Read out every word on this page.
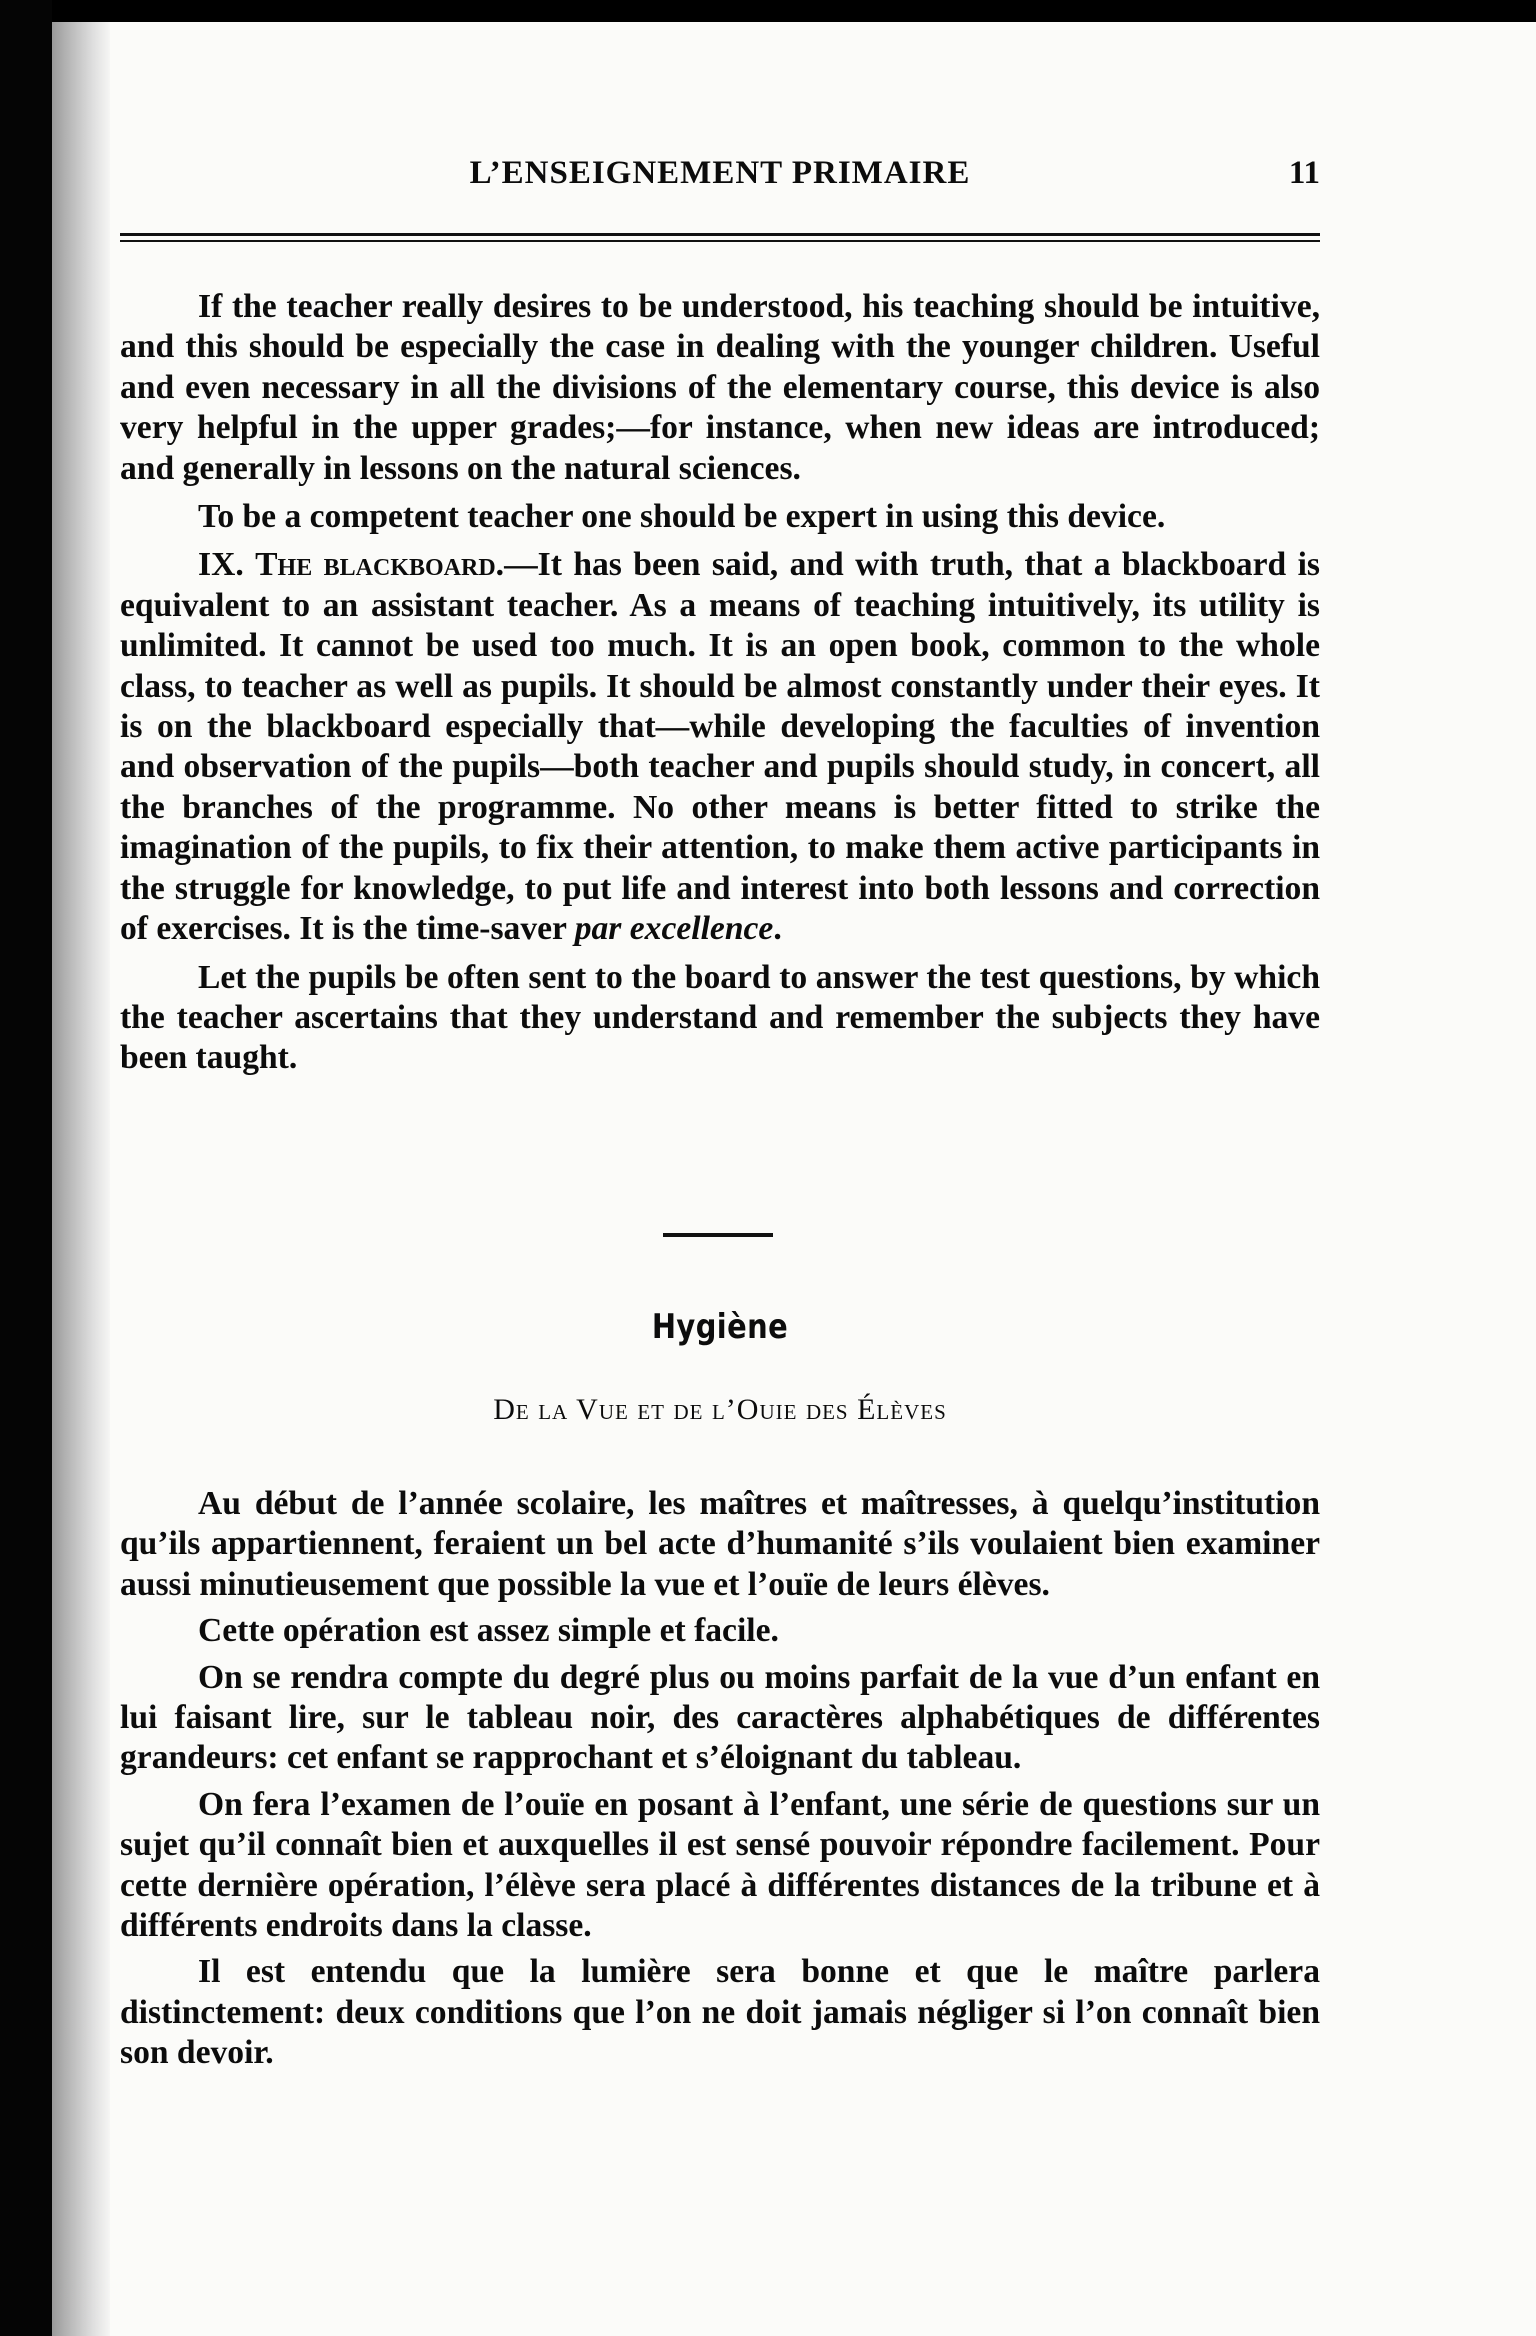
L’ENSEIGNEMENT PRIMAIRE	11

If the teacher really desires to be understood, his teaching should be intuitive, and this should be especially the case in dealing with the younger children. Useful and even necessary in all the divisions of the elementary course, this device is also very helpful in the upper grades;—for instance, when new ideas are introduced; and generally in lessons on the natural sciences.

To be a competent teacher one should be expert in using this device.

IX. The blackboard.—It has been said, and with truth, that a blackboard is equivalent to an assistant teacher. As a means of teaching intuitively, its utility is unlimited. It cannot be used too much. It is an open book, common to the whole class, to teacher as well as pupils. It should be almost constantly under their eyes. It is on the blackboard especially that—while developing the faculties of invention and observation of the pupils—both teacher and pupils should study, in concert, all the branches of the programme. No other means is better fitted to strike the imagination of the pupils, to fix their attention, to make them active participants in the struggle for knowledge, to put life and interest into both lessons and correction of exercises. It is the time-saver par excellence.

Let the pupils be often sent to the board to answer the test questions, by which the teacher ascertains that they understand and remember the subjects they have been taught.

Hygiène
De la Vue et de l’Ouie des Élèves

Au début de l’année scolaire, les maîtres et maîtresses, à quelqu’institution qu’ils appartiennent, feraient un bel acte d’humanité s’ils voulaient bien examiner aussi minutieusement que possible la vue et l’ouïe de leurs élèves.

Cette opération est assez simple et facile.

On se rendra compte du degré plus ou moins parfait de la vue d’un enfant en lui faisant lire, sur le tableau noir, des caractères alphabétiques de différentes grandeurs: cet enfant se rapprochant et s’éloignant du tableau.

On fera l’examen de l’ouïe en posant à l’enfant, une série de questions sur un sujet qu’il connaît bien et auxquelles il est sensé pouvoir répondre facilement. Pour cette dernière opération, l’élève sera placé à différentes distances de la tribune et à différents endroits dans la classe.

Il est entendu que la lumière sera bonne et que le maître parlera distinctement: deux conditions que l’on ne doit jamais négliger si l’on connaît bien son devoir.
